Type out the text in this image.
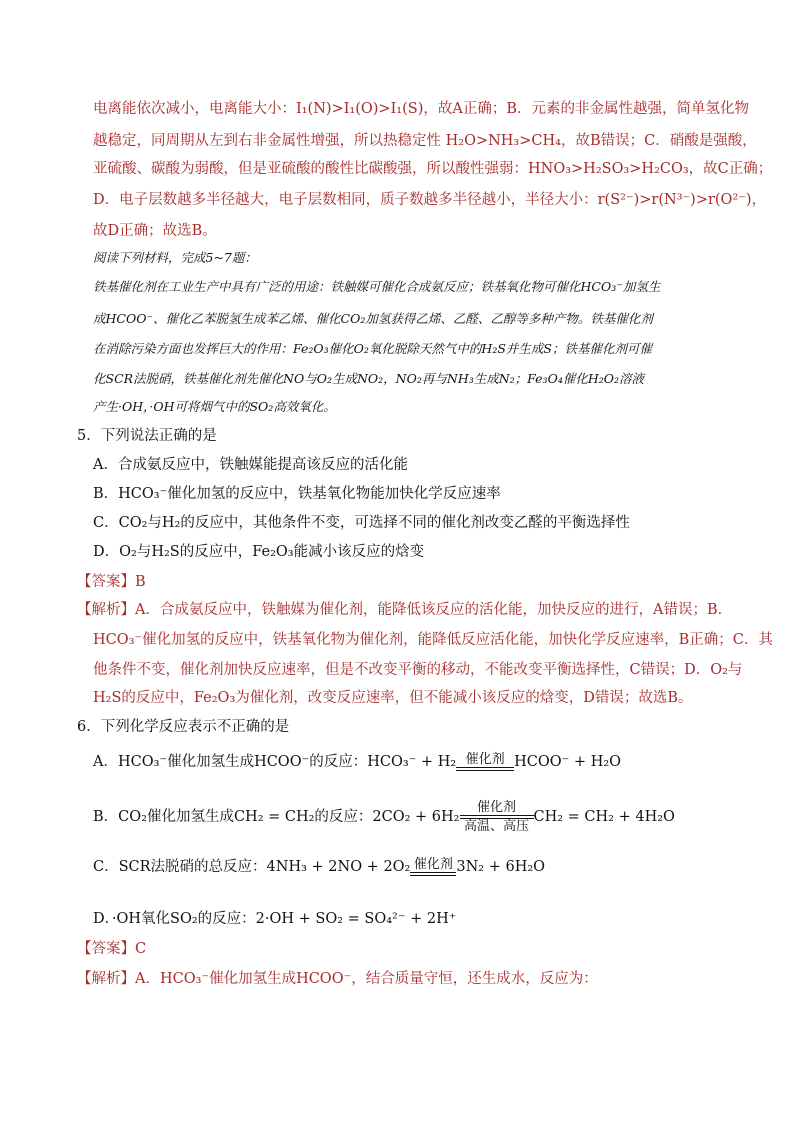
电离能依次减小，电离能大小：I₁(N)>I₁(O)>I₁(S)，故A正确；B．元素的非金属性越强，简单氢化物
越稳定，同周期从左到右非金属性增强，所以热稳定性 H₂O>NH₃>CH₄，故B错误；C．硝酸是强酸，
亚硫酸、碳酸为弱酸，但是亚硫酸的酸性比碳酸强，所以酸性强弱：HNO₃>H₂SO₃>H₂CO₃，故C正确；
D．电子层数越多半径越大，电子层数相同，质子数越多半径越小，半径大小：r(S²⁻)>r(N³⁻)>r(O²⁻)，
故D正确；故选B。
阅读下列材料，完成5~7题：
铁基催化剂在工业生产中具有广泛的用途：铁触媒可催化合成氨反应；铁基氧化物可催化HCO₃⁻加氢生
成HCOO⁻、催化乙苯脱氢生成苯乙烯、催化CO₂加氢获得乙烯、乙醛、乙醇等多种产物。铁基催化剂
在消除污染方面也发挥巨大的作用：Fe₂O₃催化O₂氧化脱除天然气中的H₂S并生成S；铁基催化剂可催
化SCR法脱硝，铁基催化剂先催化NO与O₂生成NO₂，NO₂再与NH₃生成N₂；Fe₃O₄催化H₂O₂溶液
产生·OH，·OH可将烟气中的SO₂高效氧化。
5．下列说法正确的是
A．合成氨反应中，铁触媒能提高该反应的活化能
B．HCO₃⁻催化加氢的反应中，铁基氧化物能加快化学反应速率
C．CO₂与H₂的反应中，其他条件不变，可选择不同的催化剂改变乙醛的平衡选择性
D．O₂与H₂S的反应中，Fe₂O₃能减小该反应的焓变
【答案】B
【解析】A．合成氨反应中，铁触媒为催化剂，能降低该反应的活化能，加快反应的进行，A错误；B．
HCO₃⁻催化加氢的反应中，铁基氧化物为催化剂，能降低反应活化能，加快化学反应速率，B正确；C．其
他条件不变，催化剂加快反应速率，但是不改变平衡的移动，不能改变平衡选择性，C错误；D．O₂与
H₂S的反应中，Fe₂O₃为催化剂，改变反应速率，但不能减小该反应的焓变，D错误；故选B。
6．下列化学反应表示不正确的是
A．HCO₃⁻催化加氢生成HCOO⁻的反应：HCO₃⁻ + H₂ 催化剂 HCOO⁻ + H₂O
B．CO₂催化加氢生成CH₂ = CH₂的反应：$2CO_2 + 6H_2 \frac{\text{催化剂}}{\text{高温、高压}} CH_2 = CH_2 + 4H_2O$
C．SCR法脱硝的总反应：4NH₃ + 2NO + 2O₂ 催化剂 3N₂ + 6H₂O
D．·OH氧化SO₂的反应：2·OH + SO₂ = SO₄²⁻ + 2H⁺
【答案】C
【解析】A．HCO₃⁻催化加氢生成HCOO⁻，结合质量守恒，还生成水，反应为：
